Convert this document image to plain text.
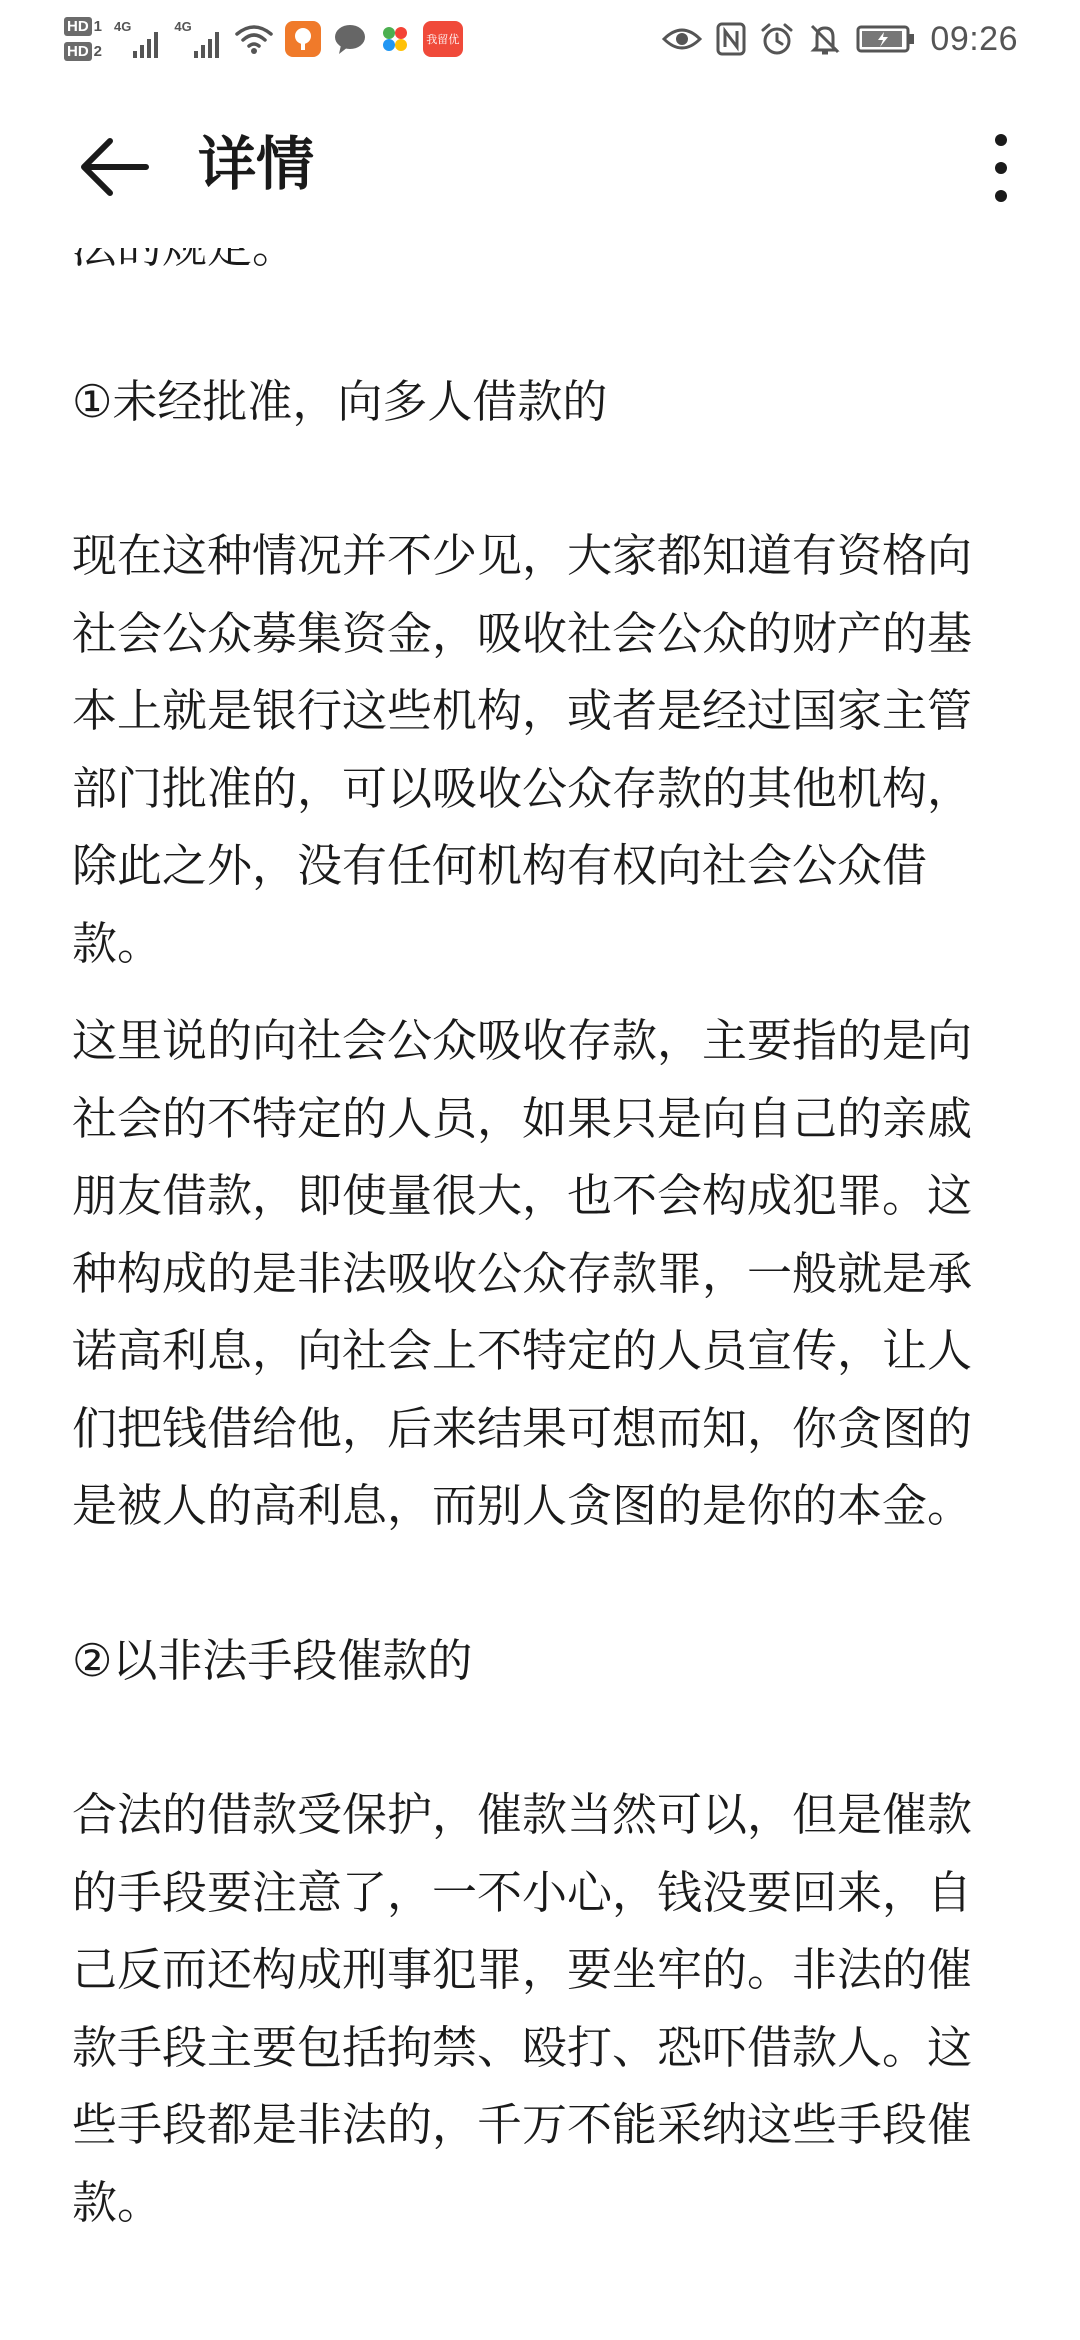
HD 1
HD 2
4G	4G
我留优	09:26
详情

①未经批准，向多人借款的

现在这种情况并不少见，大家都知道有资格向社会公众募集资金，吸收社会公众的财产的基本上就是银行这些机构，或者是经过国家主管部门批准的，可以吸收公众存款的其他机构，除此之外，没有任何机构有权向社会公众借款。

这里说的向社会公众吸收存款，主要指的是向社会的不特定的人员，如果只是向自己的亲戚朋友借款，即使量很大，也不会构成犯罪。这种构成的是非法吸收公众存款罪，一般就是承诺高利息，向社会上不特定的人员宣传，让人们把钱借给他，后来结果可想而知，你贪图的是被人的高利息，而别人贪图的是你的本金。

②以非法手段催款的

合法的借款受保护，催款当然可以，但是催款的手段要注意了，一不小心，钱没要回来，自己反而还构成刑事犯罪，要坐牢的。非法的催款手段主要包括拘禁、殴打、恐吓借款人。这些手段都是非法的，千万不能采纳这些手段催款。
